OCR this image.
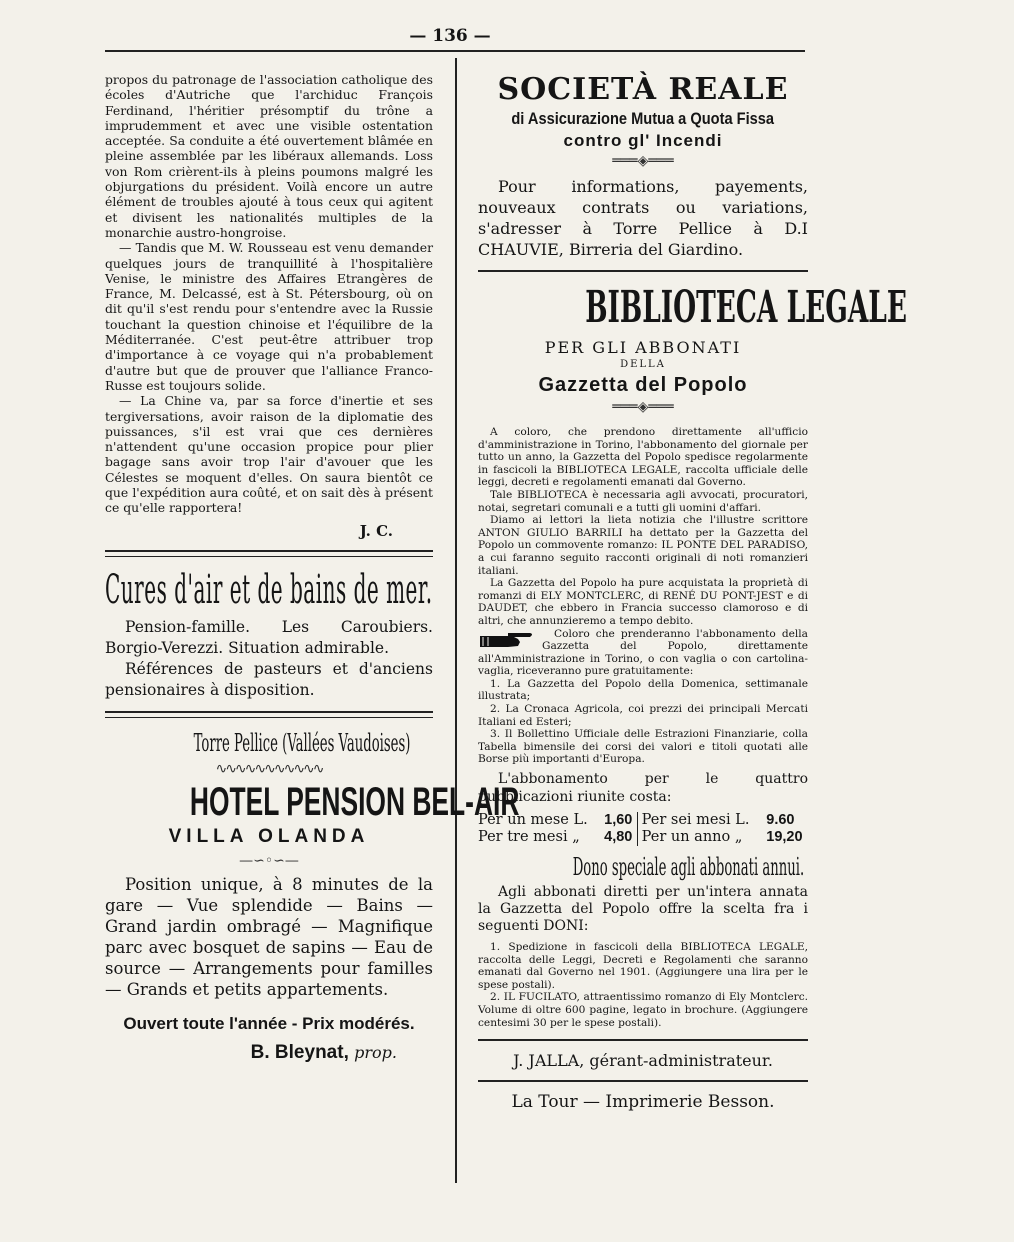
— 136 —

propos du patronage de l'association catholique des écoles d'Autriche que l'archiduc François Ferdinand, l'héritier présomptif du trône a imprudemment et avec une visible ostentation acceptée. Sa conduite a été ouvertement blâmée en pleine assemblée par les libéraux allemands. Loss von Rom crièrent-ils à pleins poumons malgré les objurgations du président. Voilà encore un autre élément de troubles ajouté à tous ceux qui agitent et divisent les nationalités multiples de la monarchie austro-hongroise.

— Tandis que M. W. Rousseau est venu demander quelques jours de tranquillité à l'hospitalière Venise, le ministre des Affaires Etrangères de France, M. Delcassé, est à St. Pétersbourg, où on dit qu'il s'est rendu pour s'entendre avec la Russie touchant la question chinoise et l'équilibre de la Méditerranée. C'est peut-être attribuer trop d'importance à ce voyage qui n'a probablement d'autre but que de prouver que l'alliance Franco-Russe est toujours solide.

— La Chine va, par sa force d'inertie et ses tergiversations, avoir raison de la diplomatie des puissances, s'il est vrai que ces dernières n'attendent qu'une occasion propice pour plier bagage sans avoir trop l'air d'avouer que les Célestes se moquent d'elles. On saura bientôt ce que l'expédition aura coûté, et on sait dès à présent ce qu'elle rapportera!

J. C.
Cures d'air et de bains de mer.

Pension-famille. Les Caroubiers. Borgio-Verezzi. Situation admirable.

Références de pasteurs et d'anciens pensionaires à disposition.

Torre Pellice (Vallées Vaudoises)
∿∿∿∿∿∿∿∿∿∿∿
HOTEL PENSION BEL-AIR
VILLA OLANDA
—∽◦∽—

Position unique, à 8 minutes de la gare — Vue splendide — Bains — Grand jardin ombragé — Magnifique parc avec bosquet de sapins — Eau de source — Arrangements pour familles — Grands et petits appartements.

Ouvert toute l'année - Prix modérés.
B. Bleynat, prop.
SOCIETÀ REALE
di Assicurazione Mutua a Quota Fissa
contro gl' Incendi
═══◈═══

Pour informations, payements, nouveaux contrats ou variations, s'adresser à Torre Pellice à D.I CHAUVIE, Birreria del Giardino.

BIBLIOTECA LEGALE
PER GLI ABBONATI
DELLA
Gazzetta del Popolo
═══◈═══

A coloro, che prendono direttamente all'ufficio d'amministrazione in Torino, l'abbonamento del giornale per tutto un anno, la Gazzetta del Popolo spedisce regolarmente in fascicoli la BIBLIOTECA LEGALE, raccolta ufficiale delle leggi, decreti e regolamenti emanati dal Governo.

Tale BIBLIOTECA è necessaria agli avvocati, procuratori, notai, segretari comunali e a tutti gli uomini d'affari.

Diamo ai lettori la lieta notizia che l'illustre scrittore ANTON GIULIO BARRILI ha dettato per la Gazzetta del Popolo un commovente romanzo: IL PONTE DEL PARADISO, a cui faranno seguito racconti originali di noti romanzieri italiani.

La Gazzetta del Popolo ha pure acquistata la proprietà di romanzi di ELY MONTCLERC, di RENÉ DU PONT-JEST e di DAUDET, che ebbero in Francia successo clamoroso e di altri, che annunzieremo a tempo debito.

Coloro che prenderanno l'abbonamento della Gazzetta del Popolo, direttamente all'Amministrazione in Torino, o con vaglia o con cartolina-vaglia, riceveranno pure gratuitamente:

1. La Gazzetta del Popolo della Domenica, settimanale illustrata;

2. La Cronaca Agricola, coi prezzi dei principali Mercati Italiani ed Esteri;

3. Il Bollettino Ufficiale delle Estrazioni Finanziarie, colla Tabella bimensile dei corsi dei valori e titoli quotati alle Borse più importanti d'Europa.

L'abbonamento per le quattro pubblicazioni riunite costa:

Per un mese L.	1,60	Per sei mesi L.	9.60
Per tre mesi „	4,80	Per un anno „	19,20
Dono speciale agli abbonati annui.

Agli abbonati diretti per un'intera annata la Gazzetta del Popolo offre la scelta fra i seguenti DONI:

1. Spedizione in fascicoli della BIBLIOTECA LEGALE, raccolta delle Leggi, Decreti e Regolamenti che saranno emanati dal Governo nel 1901. (Aggiungere una lira per le spese postali).

2. IL FUCILATO, attraentissimo romanzo di Ely Montclerc. Volume di oltre 600 pagine, legato in brochure. (Aggiungere centesimi 30 per le spese postali).

J. JALLA, gérant-administrateur.
La Tour — Imprimerie Besson.
